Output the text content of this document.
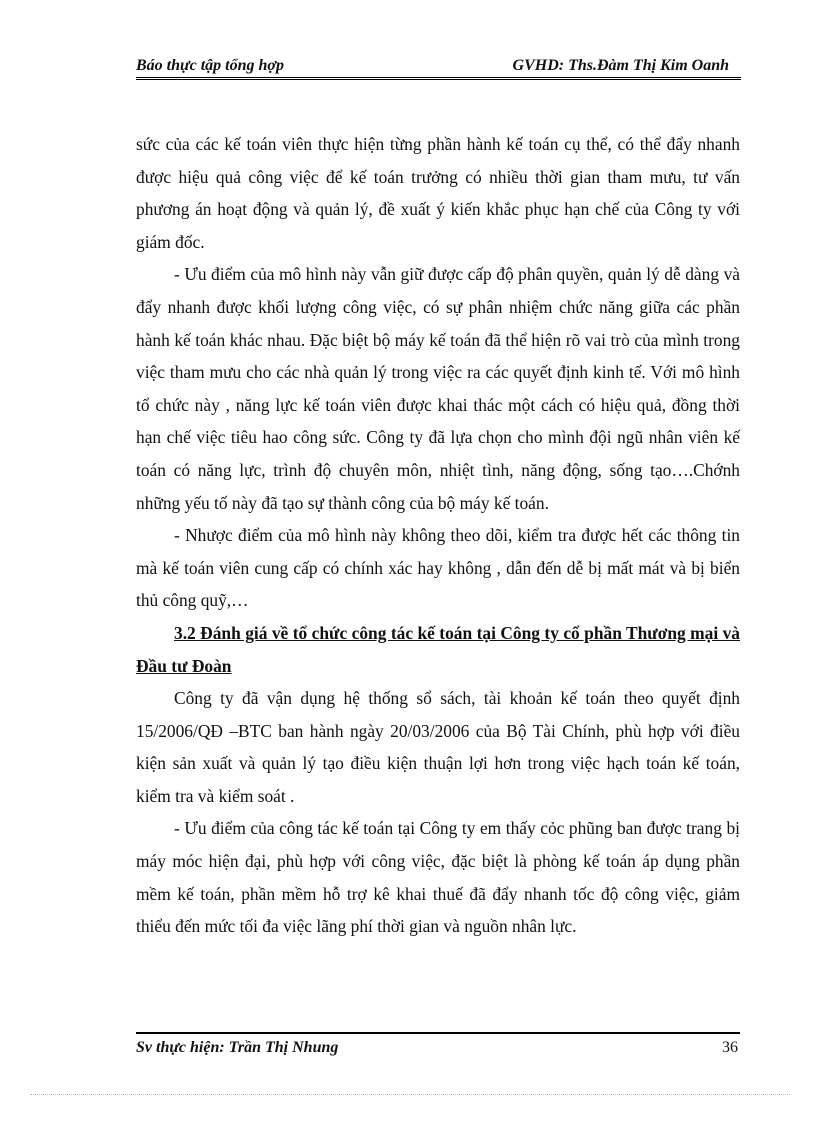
Báo thực tập tổng hợp	GVHD: Ths.Đàm Thị Kim Oanh

sức của các kế toán viên thực hiện từng phần hành kế toán cụ thể, có thể đẩy nhanh được hiệu quả công việc để kế toán trưởng có nhiều thời gian tham mưu, tư vấn phương án hoạt động và quản lý, đề xuất ý kiến khắc phục hạn chế của Công ty với giám đốc.

- Ưu điểm của mô hình này vẫn giữ được cấp độ phân quyền, quản lý dễ dàng và đẩy nhanh được khối lượng công việc, có sự phân nhiệm chức năng giữa các phần hành kế toán khác nhau. Đặc biệt bộ máy kế toán đã thể hiện rõ vai trò của mình trong việc tham mưu cho các nhà quản lý trong việc ra các quyết định kinh tế. Với mô hình tổ chức này , năng lực kế toán viên được khai thác một cách có hiệu quả, đồng thời hạn chế việc tiêu hao công sức. Công ty đã lựa chọn cho mình đội ngũ nhân viên kế toán có năng lực, trình độ chuyên môn, nhiệt tình, năng động, sống tạo….Chớnh những yếu tố này đã tạo sự thành công của bộ máy kế toán.

- Nhược điểm của mô hình này không theo dõi, kiểm tra được hết các thông tin mà kế toán viên cung cấp có chính xác hay không , dẫn đến dễ bị mất mát và bị biển thủ công quỹ,…

3.2 Đánh giá về tổ chức công tác kế toán tại Công ty cổ phần Thương mại và Đầu tư Đoàn

Công ty đã vận dụng hệ thống sổ sách, tài khoản kế toán theo quyết định 15/2006/QĐ –BTC ban hành ngày 20/03/2006 của Bộ Tài Chính, phù hợp với điều kiện sản xuất và quản lý tạo điều kiện thuận lợi hơn trong việc hạch toán kế toán, kiểm tra và kiểm soát .

- Ưu điểm của công tác kế toán tại Công ty em thấy cỏc phũng ban được trang bị máy móc hiện đại, phù hợp với công việc, đặc biệt là phòng kế toán áp dụng phần mềm kế toán, phần mềm hỗ trợ kê khai thuế đã đẩy nhanh tốc độ công việc, giảm thiểu đến mức tối đa việc lãng phí thời gian và nguồn nhân lực.

Sv thực hiện: Trần Thị Nhung	36
